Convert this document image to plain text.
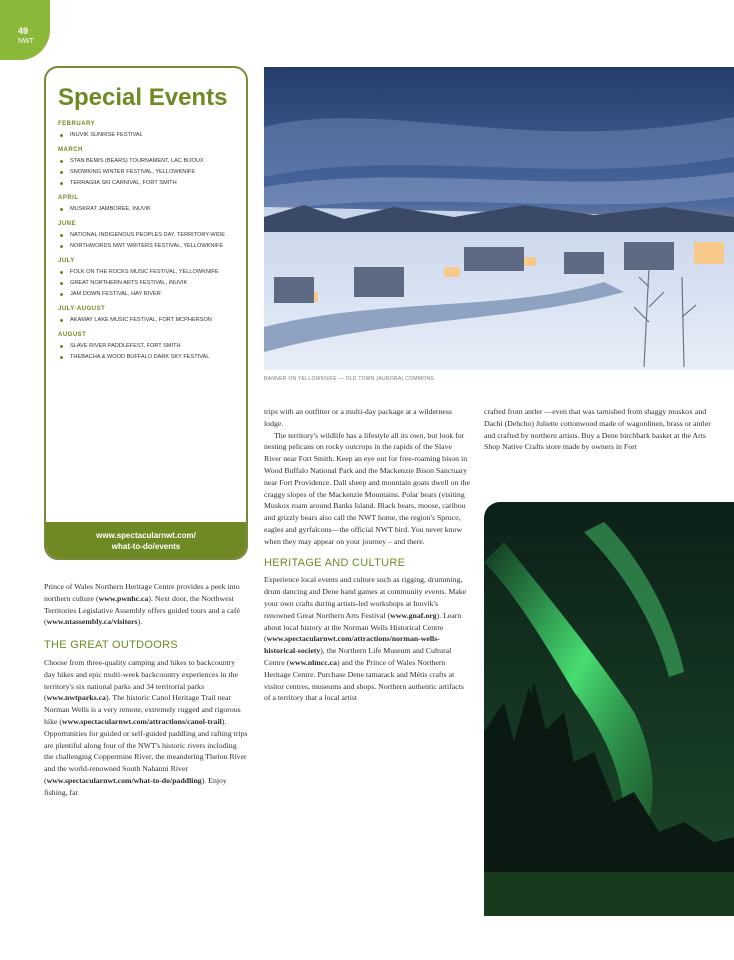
49
NWT
Special Events
FEBRUARY
INUVIK SUNRISE FESTIVAL
MARCH
STAN BEMIS (BEARS) TOURNAMENT, LAC BIJOUX
SNOWKING WINTER FESTIVAL, YELLOWKNIFE
TERRAGIIA SKI CARNIVAL, FORT SMITH
APRIL
MUSKRAT JAMBOREE, INUVIK
JUNE
NATIONAL INDIGENOUS PEOPLES DAY, TERRITORY-WIDE
NORTHWORDS NWT WRITERS FESTIVAL, YELLOWKNIFE
JULY
FOLK ON THE ROCKS MUSIC FESTIVAL, YELLOWKNIFE
GREAT NORTHERN ARTS FESTIVAL, INUVIK
JAM DOWN FESTIVAL, HAY RIVER
JULY-AUGUST
AKAMAY LAKE MUSIC FESTIVAL, FORT MCPHERSON
AUGUST
SLAVE RIVER PADDLEFEST, FORT SMITH
THEBACHA & WOOD BUFFALO DARK SKY FESTIVAL
www.spectacularnwt.com/
what-to-do/events
BANNER ON YELLOWKNIFE — OLD TOWN (AURORA) COMMONS

Prince of Wales Northern Heritage Centre provides a peek into northern culture (www.pwnhc.ca). Next door, the Northwest Territories Legislative Assembly offers guided tours and a café (www.ntassembly.ca/visitors).

THE GREAT OUTDOORS

Choose from three-quality camping and hikes to backcountry day hikes and epic multi-week backcountry experiences in the territory's six national parks and 34 territorial parks (www.nwtparks.ca). The historic Canol Heritage Trail near Norman Wells is a very remote, extremely rugged and rigorous hike (www.spectacularnwt.com/attractions/canol-trail). Opportunities for guided or self-guided paddling and rafting trips are plentiful along four of the NWT's historic rivers including the challenging Coppermine River, the meandering Thelon River and the world-renowned South Nahanni River (www.spectacularnwt.com/what-to-do/paddling). Enjoy fishing, fat

trips with an outfitter or a multi-day package at a wilderness lodge.

The territory's wildlife has a lifestyle all its own, but look for nesting pelicans on rocky outcrops in the rapids of the Slave River near Fort Smith. Keep an eye out for free-roaming bison in Wood Buffalo National Park and the Mackenzie Bison Sanctuary near Fort Providence. Dall sheep and mountain goats dwell on the craggy slopes of the Mackenzie Mountains. Polar bears (visiting Muskox roam around Banks Island. Black bears, moose, caribou and grizzly bears also call the NWT home, the region's Spruce, eagles and gyrfalcons—the official NWT bird. You never know when they may appear on your journey – and there.

HERITAGE AND CULTURE

Experience local events and culture such as rigging, drumming, drum dancing and Dene hand games at community events. Make your own crafts during artists-led workshops at Inuvik's renowned Great Northern Arts Festival (www.gnaf.org). Learn about local history at the Norman Wells Historical Centre (www.spectacularnwt.com/attractions/norman-wells-historical-society), the Northern Life Museum and Cultural Centre (www.nlmcc.ca) and the Prince of Wales Northern Heritage Centre. Purchase Dene tamarack and Métis crafts at visitor centres, museums and shops. Northern authentic artifacts of a territory that a local artist

crafted from antler —even that was tarnished from shaggy muskox and Dachi (Dehcho) Juliette cottonwood made of wagonlinen, brass or antler and crafted by northern artists. Buy a Dene birchbark basket at the Arts Shop Native Crafts store made by owners in Fort
